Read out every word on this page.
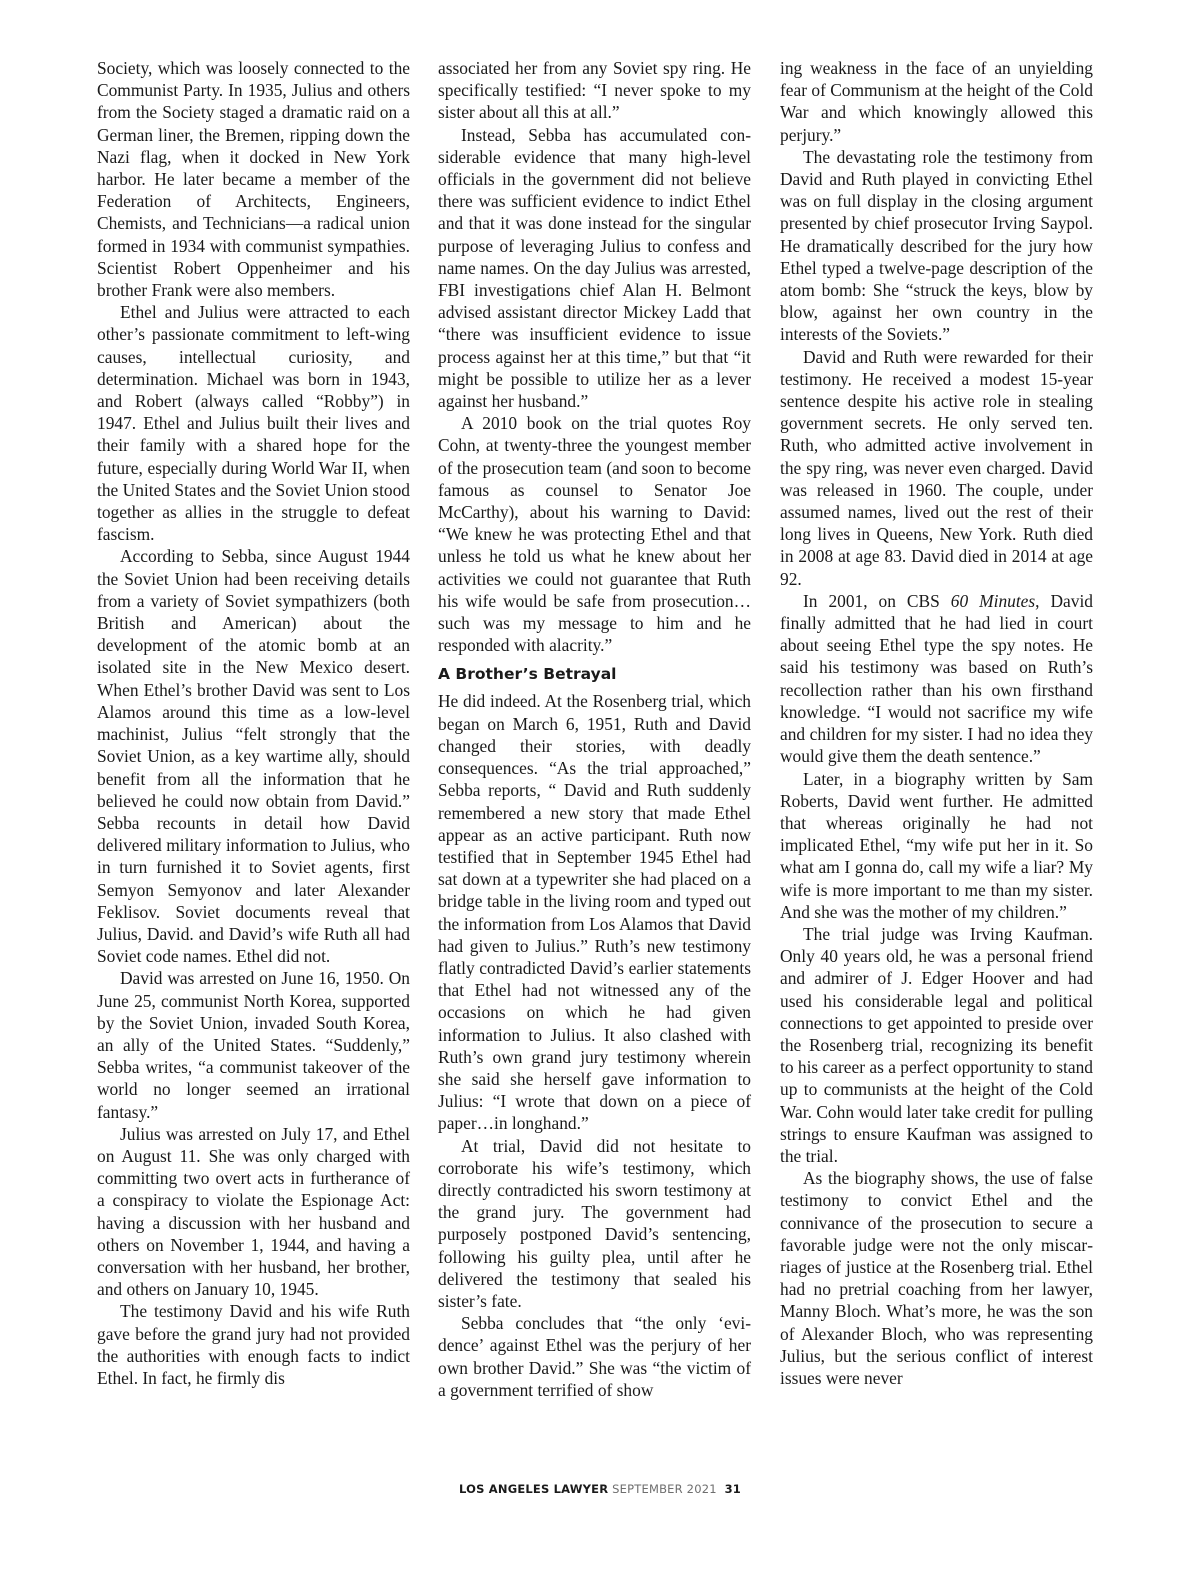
Society, which was loosely connected to the Communist Party. In 1935, Julius and others from the Society staged a dramatic raid on a German liner, the Bremen, ripping down the Nazi flag, when it docked in New York harbor. He later became a member of the Federation of Architects, Engineers, Chemists, and Technicians—a radical union formed in 1934 with communist sympathies. Scientist Robert Oppenheimer and his brother Frank were also members.

Ethel and Julius were attracted to each other’s passionate commitment to left-wing causes, intellectual curiosity, and determination. Michael was born in 1943, and Robert (always called “Robby”) in 1947. Ethel and Julius built their lives and their family with a shared hope for the future, especially during World War II, when the United States and the Soviet Union stood together as allies in the struggle to defeat fascism.

According to Sebba, since August 1944 the Soviet Union had been receiving details from a variety of Soviet sympathizers (both British and American) about the development of the atomic bomb at an isolated site in the New Mexico desert. When Ethel’s brother David was sent to Los Alamos around this time as a low-level machinist, Julius “felt strongly that the Soviet Union, as a key wartime ally, should benefit from all the information that he believed he could now obtain from David.” Sebba recounts in detail how David delivered military information to Julius, who in turn furnished it to Soviet agents, first Semyon Semyonov and later Alexander Feklisov. Soviet documents reveal that Julius, David. and David’s wife Ruth all had Soviet code names. Ethel did not.

David was arrested on June 16, 1950. On June 25, communist North Korea, supported by the Soviet Union, invaded South Korea, an ally of the United States. “Suddenly,” Sebba writes, “a communist takeover of the world no longer seemed an irrational fantasy.”

Julius was arrested on July 17, and Ethel on August 11. She was only charged with committing two overt acts in furtherance of a conspiracy to violate the Espionage Act: having a discussion with her husband and others on November 1, 1944, and having a conversation with her husband, her brother, and others on January 10, 1945.

The testimony David and his wife Ruth gave before the grand jury had not provided the authorities with enough facts to indict Ethel. In fact, he firmly dis

associated her from any Soviet spy ring. He specifically testified: “I never spoke to my sister about all this at all.”

Instead, Sebba has accumulated considerable evidence that many high-level officials in the government did not believe there was sufficient evidence to indict Ethel and that it was done instead for the singular purpose of leveraging Julius to confess and name names. On the day Julius was arrested, FBI investigations chief Alan H. Belmont advised assistant director Mickey Ladd that “there was insufficient evidence to issue process against her at this time,” but that “it might be possible to utilize her as a lever against her husband.”

A 2010 book on the trial quotes Roy Cohn, at twenty-three the youngest member of the prosecution team (and soon to become famous as counsel to Senator Joe McCarthy), about his warning to David: “We knew he was protecting Ethel and that unless he told us what he knew about her activities we could not guarantee that Ruth his wife would be safe from prosecution…such was my message to him and he responded with alacrity.”

A Brother’s Betrayal

He did indeed. At the Rosenberg trial, which began on March 6, 1951, Ruth and David changed their stories, with deadly consequences. “As the trial approached,” Sebba reports, “ David and Ruth suddenly remembered a new story that made Ethel appear as an active participant. Ruth now testified that in September 1945 Ethel had sat down at a typewriter she had placed on a bridge table in the living room and typed out the information from Los Alamos that David had given to Julius.” Ruth’s new testimony flatly contradicted David’s earlier statements that Ethel had not witnessed any of the occasions on which he had given information to Julius. It also clashed with Ruth’s own grand jury testimony wherein she said she herself gave information to Julius: “I wrote that down on a piece of paper…in longhand.”

At trial, David did not hesitate to corroborate his wife’s testimony, which directly contradicted his sworn testimony at the grand jury. The government had purposely postponed David’s sentencing, following his guilty plea, until after he delivered the testimony that sealed his sister’s fate.

Sebba concludes that “the only ‘evidence’ against Ethel was the perjury of her own brother David.” She was “the victim of a government terrified of show

ing weakness in the face of an unyielding fear of Communism at the height of the Cold War and which knowingly allowed this perjury.”

The devastating role the testimony from David and Ruth played in convicting Ethel was on full display in the closing argument presented by chief prosecutor Irving Saypol. He dramatically described for the jury how Ethel typed a twelve-page description of the atom bomb: She “struck the keys, blow by blow, against her own country in the interests of the Soviets.”

David and Ruth were rewarded for their testimony. He received a modest 15-year sentence despite his active role in stealing government secrets. He only served ten. Ruth, who admitted active involvement in the spy ring, was never even charged. David was released in 1960. The couple, under assumed names, lived out the rest of their long lives in Queens, New York. Ruth died in 2008 at age 83. David died in 2014 at age 92.

In 2001, on CBS 60 Minutes, David finally admitted that he had lied in court about seeing Ethel type the spy notes. He said his testimony was based on Ruth’s recollection rather than his own firsthand knowledge. “I would not sacrifice my wife and children for my sister. I had no idea they would give them the death sentence.”

Later, in a biography written by Sam Roberts, David went further. He admitted that whereas originally he had not implicated Ethel, “my wife put her in it. So what am I gonna do, call my wife a liar? My wife is more important to me than my sister. And she was the mother of my children.”

The trial judge was Irving Kaufman. Only 40 years old, he was a personal friend and admirer of J. Edger Hoover and had used his considerable legal and political connections to get appointed to preside over the Rosenberg trial, recognizing its benefit to his career as a perfect opportunity to stand up to communists at the height of the Cold War. Cohn would later take credit for pulling strings to ensure Kaufman was assigned to the trial.

As the biography shows, the use of false testimony to convict Ethel and the connivance of the prosecution to secure a favorable judge were not the only miscarriages of justice at the Rosenberg trial. Ethel had no pretrial coaching from her lawyer, Manny Bloch. What’s more, he was the son of Alexander Bloch, who was representing Julius, but the serious conflict of interest issues were never

LOS ANGELES LAWYER SEPTEMBER 2021 31
